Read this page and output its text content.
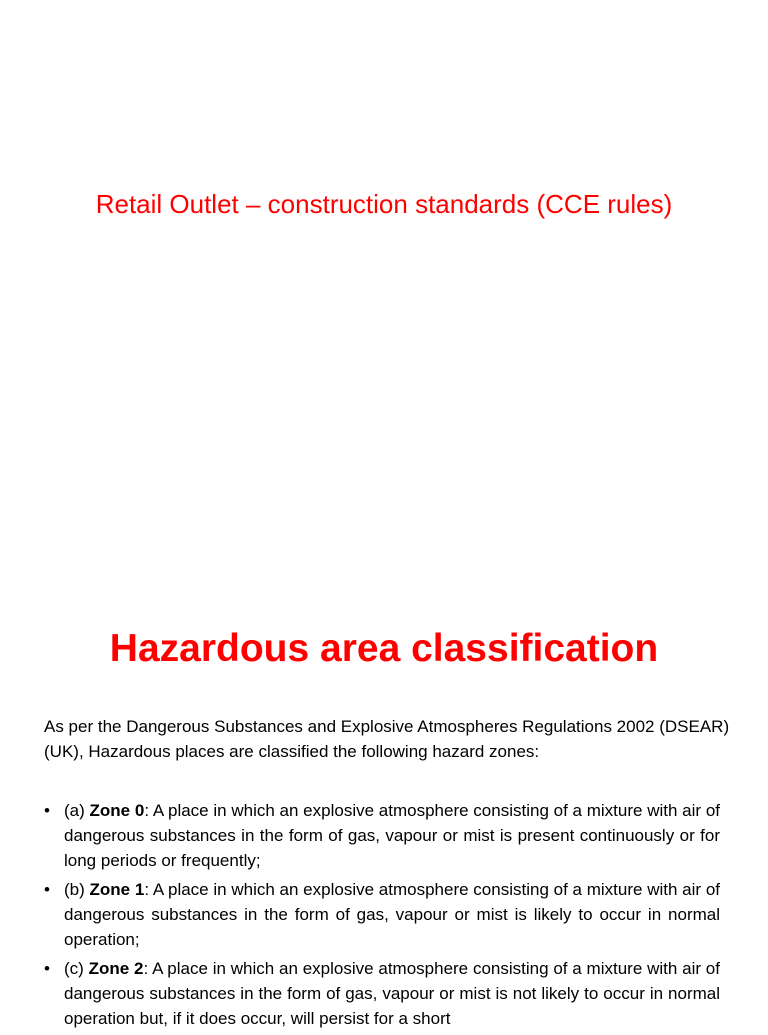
Retail Outlet – construction standards (CCE rules)
Hazardous area classification

As per the Dangerous Substances and Explosive Atmospheres Regulations 2002 (DSEAR) (UK), Hazardous places are classified the following hazard zones:

• (a) Zone 0: A place in which an explosive atmosphere consisting of a mixture with air of dangerous substances in the form of gas, vapour or mist is present continuously or for long periods or frequently;
• (b) Zone 1: A place in which an explosive atmosphere consisting of a mixture with air of dangerous substances in the form of gas, vapour or mist is likely to occur in normal operation;
• (c) Zone 2: A place in which an explosive atmosphere consisting of a mixture with air of dangerous substances in the form of gas, vapour or mist is not likely to occur in normal operation but, if it does occur, will persist for a short
